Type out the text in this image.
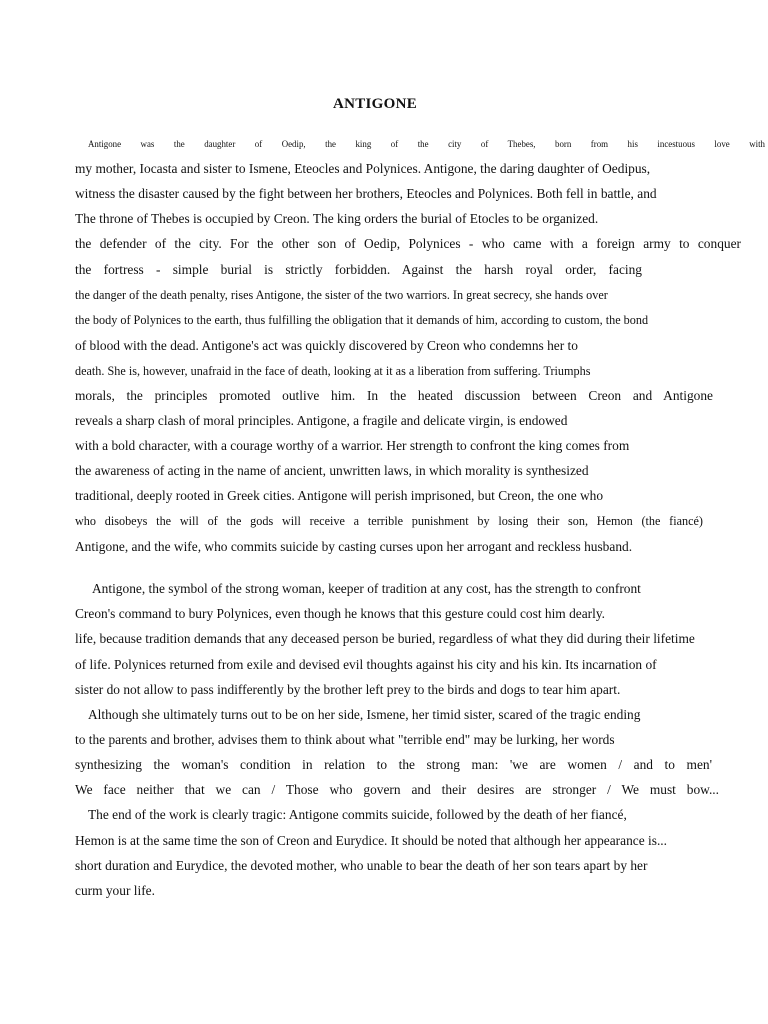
ANTIGONE
Antigone was the daughter of Oedip, the king of the city of Thebes, born from his incestuous love with
my mother, Iocasta and sister to Ismene, Eteocles and Polynices. Antigone, the daring daughter of Oedipus,
witness the disaster caused by the fight between her brothers, Eteocles and Polynices. Both fell in battle, and
The throne of Thebes is occupied by Creon. The king orders the burial of Etocles to be organized.
the defender of the city. For the other son of Oedip, Polynices - who came with a foreign army to conquer
the fortress - simple burial is strictly forbidden. Against the harsh royal order, facing
the danger of the death penalty, rises Antigone, the sister of the two warriors. In great secrecy, she hands over
the body of Polynices to the earth, thus fulfilling the obligation that it demands of him, according to custom, the bond
of blood with the dead. Antigone's act was quickly discovered by Creon who condemns her to
death. She is, however, unafraid in the face of death, looking at it as a liberation from suffering. Triumphs
morals, the principles promoted outlive him. In the heated discussion between Creon and Antigone
reveals a sharp clash of moral principles. Antigone, a fragile and delicate virgin, is endowed
with a bold character, with a courage worthy of a warrior. Her strength to confront the king comes from
the awareness of acting in the name of ancient, unwritten laws, in which morality is synthesized
traditional, deeply rooted in Greek cities. Antigone will perish imprisoned, but Creon, the one who
who disobeys the will of the gods will receive a terrible punishment by losing their son, Hemon (the fiancé)
Antigone, and the wife, who commits suicide by casting curses upon her arrogant and reckless husband.
Antigone, the symbol of the strong woman, keeper of tradition at any cost, has the strength to confront
Creon's command to bury Polynices, even though he knows that this gesture could cost him dearly.
life, because tradition demands that any deceased person be buried, regardless of what they did during their lifetime
of life. Polynices returned from exile and devised evil thoughts against his city and his kin. Its incarnation of
sister do not allow to pass indifferently by the brother left prey to the birds and dogs to tear him apart.
Although she ultimately turns out to be on her side, Ismene, her timid sister, scared of the tragic ending
to the parents and brother, advises them to think about what "terrible end" may be lurking, her words
synthesizing the woman's condition in relation to the strong man: 'we are women / and to men'
We face neither that we can / Those who govern and their desires are stronger / We must bow...
The end of the work is clearly tragic: Antigone commits suicide, followed by the death of her fiancé,
Hemon is at the same time the son of Creon and Eurydice. It should be noted that although her appearance is...
short duration and Eurydice, the devoted mother, who unable to bear the death of her son tears apart by her
curm your life.
